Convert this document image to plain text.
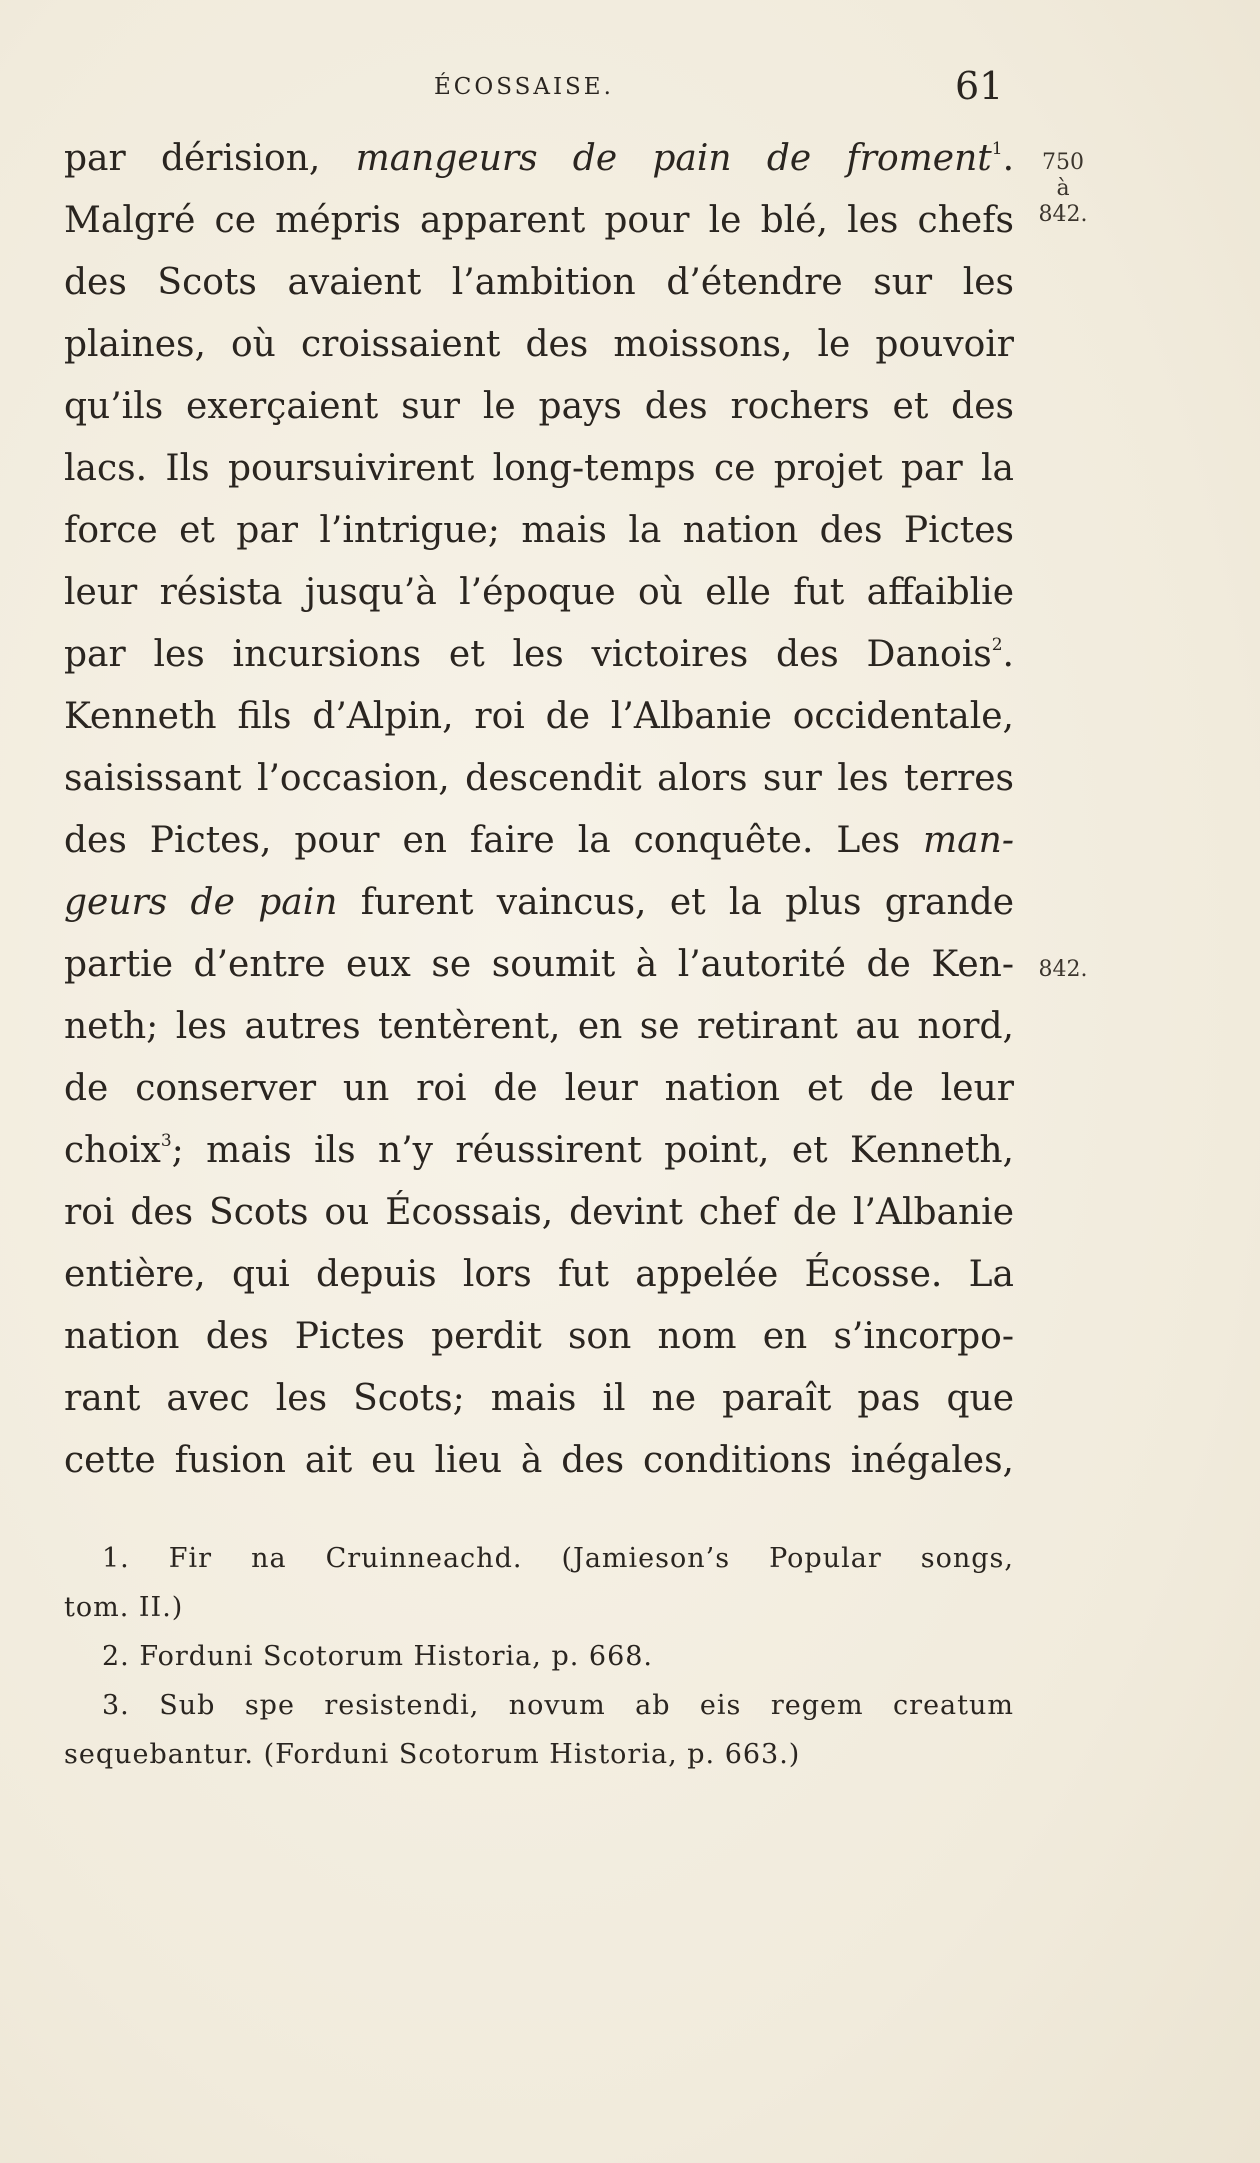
ÉCOSSAISE.	61
750
à
842.
842.
par dérision, mangeurs de pain de froment$^1$.
Malgré ce mépris apparent pour le blé, les chefs
des Scots avaient l’ambition d’étendre sur les
plaines, où croissaient des moissons, le pouvoir
qu’ils exerçaient sur le pays des rochers et des
lacs. Ils poursuivirent long-temps ce projet par la
force et par l’intrigue; mais la nation des Pictes
leur résista jusqu’à l’époque où elle fut affaiblie
par les incursions et les victoires des Danois$^2$.
Kenneth fils d’Alpin, roi de l’Albanie occidentale,
saisissant l’occasion, descendit alors sur les terres
des Pictes, pour en faire la conquête. Les man-
geurs de pain furent vaincus, et la plus grande
partie d’entre eux se soumit à l’autorité de Ken-
neth; les autres tentèrent, en se retirant au nord,
de conserver un roi de leur nation et de leur
choix$^3$; mais ils n’y réussirent point, et Kenneth,
roi des Scots ou Écossais, devint chef de l’Albanie
entière, qui depuis lors fut appelée Écosse. La
nation des Pictes perdit son nom en s’incorpo-
rant avec les Scots; mais il ne paraît pas que
cette fusion ait eu lieu à des conditions inégales,
1. Fir na Cruinneachd. (Jamieson’s Popular songs,
tom. II.)
2. Forduni Scotorum Historia, p. 668.
3. Sub spe resistendi, novum ab eis regem creatum
sequebantur. (Forduni Scotorum Historia, p. 663.)
